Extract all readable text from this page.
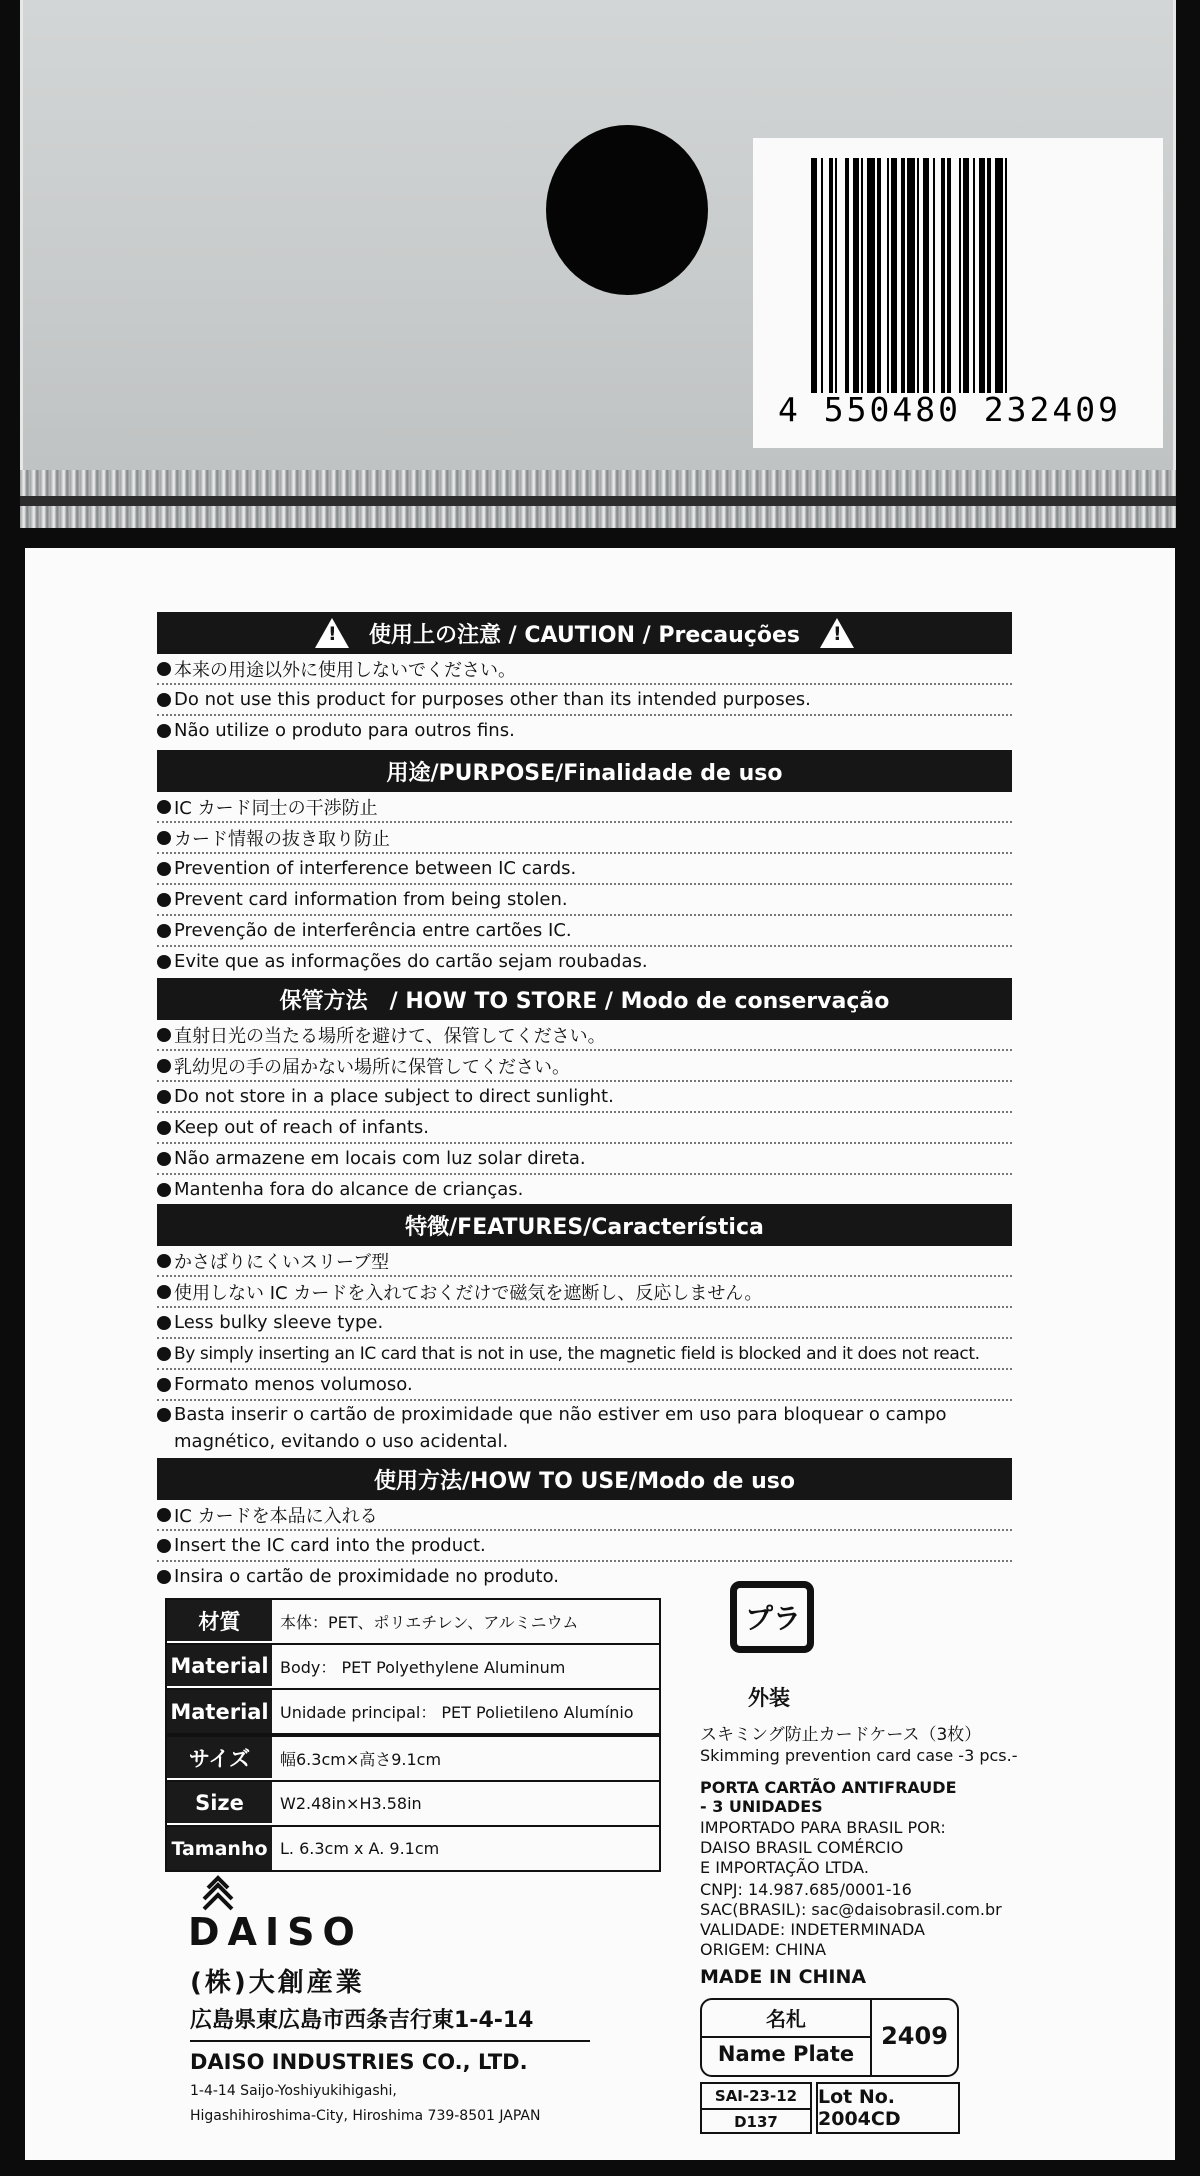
4 550480 232409
!
使用上の注意 / CAUTION / Precauções
!
本来の用途以外に使用しないでください。
Do not use this product for purposes other than its intended purposes.
Não utilize o produto para outros fins.
用途/PURPOSE/Finalidade de uso
IC カード同士の干渉防止
カード情報の抜き取り防止
Prevention of interference between IC cards.
Prevent card information from being stolen.
Prevenção de interferência entre cartões IC.
Evite que as informações do cartão sejam roubadas.
保管方法　/ HOW TO STORE / Modo de conservação
直射日光の当たる場所を避けて、保管してください。
乳幼児の手の届かない場所に保管してください。
Do not store in a place subject to direct sunlight.
Keep out of reach of infants.
Não armazene em locais com luz solar direta.
Mantenha fora do alcance de crianças.
特徴/FEATURES/Característica
かさばりにくいスリーブ型
使用しない IC カードを入れておくだけで磁気を遮断し、反応しません。
Less bulky sleeve type.
By simply inserting an IC card that is not in use, the magnetic field is blocked and it does not react.
Formato menos volumoso.
Basta inserir o cartão de proximidade que não estiver em uso para bloquear o campo magnético, evitando o uso acidental.
使用方法/HOW TO USE/Modo de uso
IC カードを本品に入れる
Insert the IC card into the product.
Insira o cartão de proximidade no produto.
材質	本体：PET、ポリエチレン、アルミニウム
Material Body： PET Polyethylene Aluminum
Material Unidade principal： PET Polietileno Alumínio
サイズ	幅6.3cm×高さ9.1cm
Size	W2.48in×H3.58in
Tamanho L. 6.3cm x A. 9.1cm
プラ
外装
スキミング防止カードケース（3枚）
Skimming prevention card case -3 pcs.-
PORTA CARTÃO ANTIFRAUDE
- 3 UNIDADES
IMPORTADO PARA BRASIL POR:
DAISO BRASIL COMÉRCIO
E IMPORTAÇÃO LTDA.
CNPJ: 14.987.685/0001-16
SAC(BRASIL): sac@daisobrasil.com.br
VALIDADE: INDETERMINADA
ORIGEM: CHINA
MADE IN CHINA
DAISO
(株)大創産業
広島県東広島市西条吉行東1-4-14
DAISO INDUSTRIES CO., LTD.
1-4-14 Saijo-Yoshiyukihigashi,
Higashihiroshima-City, Hiroshima 739-8501 JAPAN
名札
Name Plate
2409
SAI-23-12
D137
Lot No. 2004CD
